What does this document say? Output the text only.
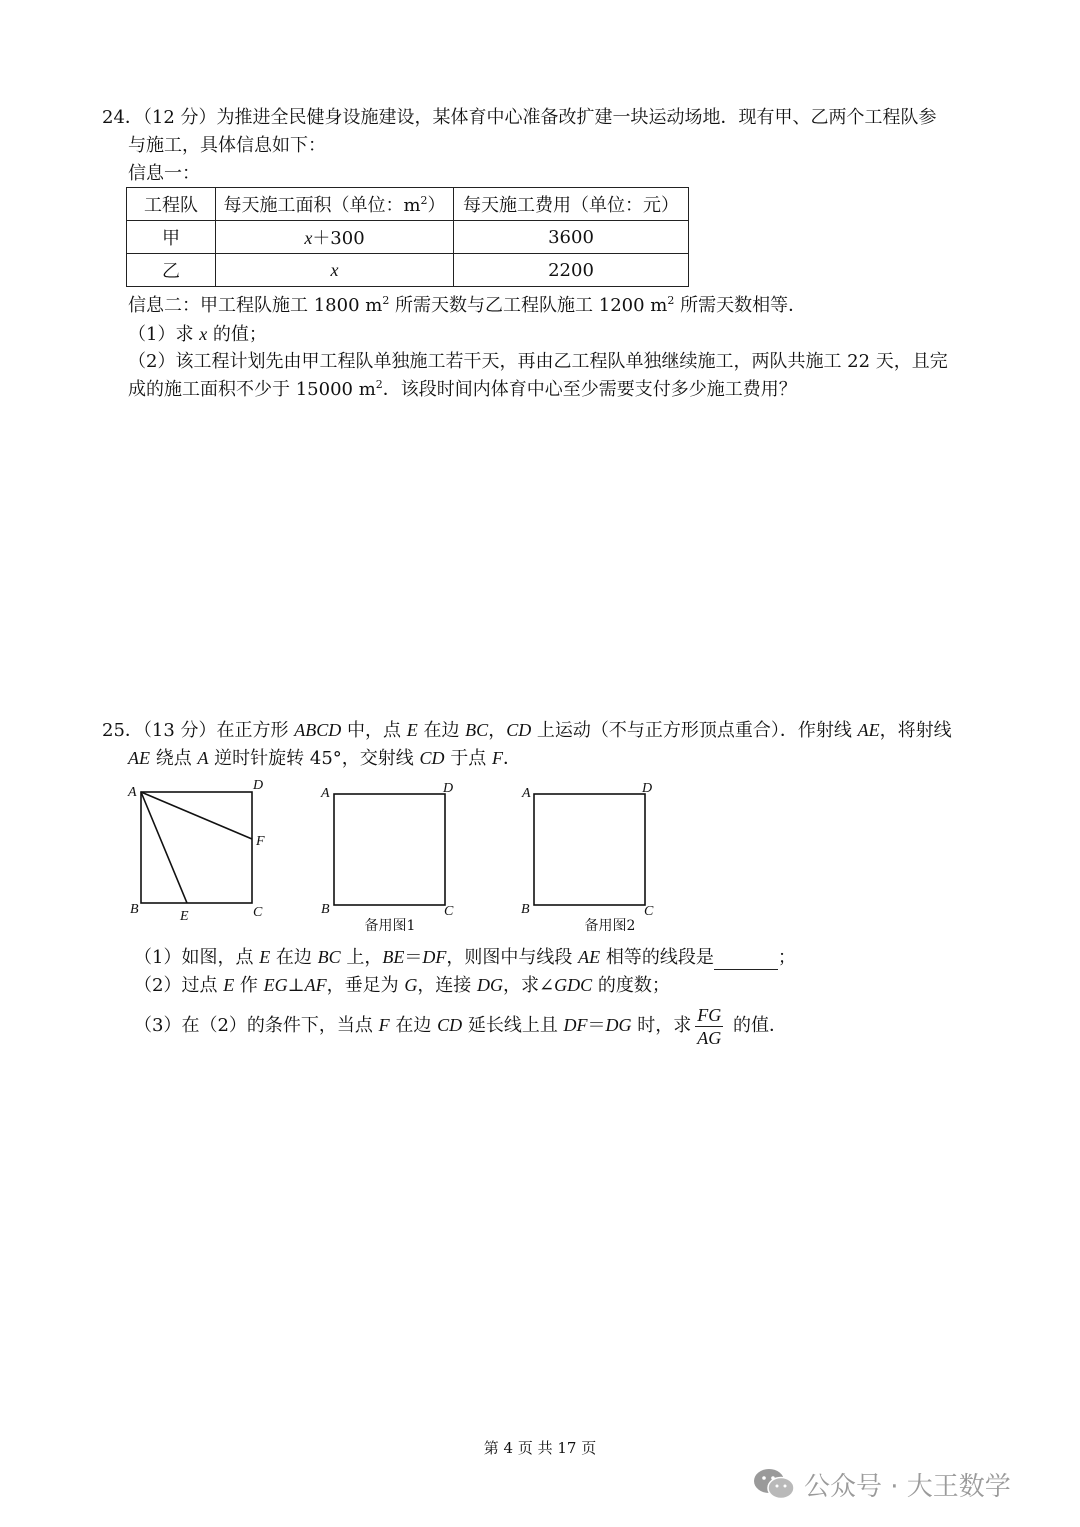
24．（12 分）为推进全民健身设施建设，某体育中心准备改扩建一块运动场地．现有甲、乙两个工程队参
与施工，具体信息如下：
信息一：
工程队	每天施工面积（单位：$m^2$）	每天施工费用（单位：元）
甲	x＋300	3600
乙	x	2200
信息二：甲工程队施工 1800 $m^2$ 所需天数与乙工程队施工 1200 $m^2$ 所需天数相等．
（1）求 x 的值；
（2）该工程计划先由甲工程队单独施工若干天，再由乙工程队单独继续施工，两队共施工 22 天，且完
成的施工面积不少于 15000 $m^2$．该段时间内体育中心至少需要支付多少施工费用？
25．（13 分）在正方形 ABCD 中，点 E 在边 BC，CD 上运动（不与正方形顶点重合）．作射线 AE，将射线
AE 绕点 A 逆时针旋转 45°，交射线 CD 于点 F．
A	D
F
B	E	C
A	D
B	C
备用图1
A	D
B	C
备用图2
（1）如图，点 E 在边 BC 上，BE＝DF，则图中与线段 AE 相等的线段是	；
（2）过点 E 作 EG⊥AF，垂足为 G，连接 DG，求∠GDC 的度数；
（3）在（2）的条件下，当点 F 在边 CD 延长线上且 DF＝DG 时，求 $\frac{FG}{AG}$ 的值．
第 4 页 共 17 页
公众号 · 大王数学
